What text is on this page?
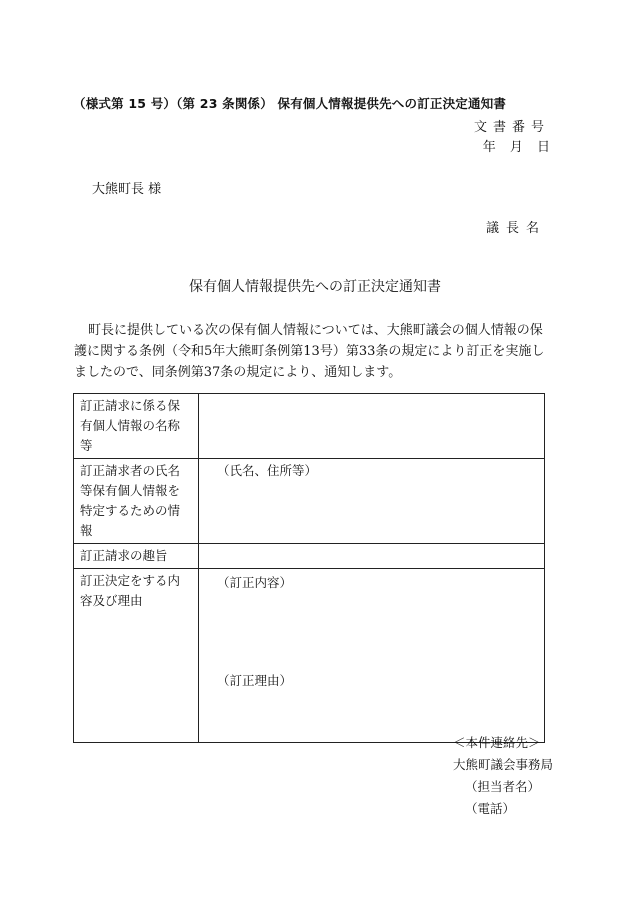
（様式第 15 号）（第 23 条関係） 保有個人情報提供先への訂正決定通知書
文書番号
年 月 日
大熊町長 様
議長名
保有個人情報提供先への訂正決定通知書
町長に提供している次の保有個人情報については、大熊町議会の個人情報の保護に関する条例（令和5年大熊町条例第13号）第33条の規定により訂正を実施しましたので、同条例第37条の規定により、通知します。
訂正請求に係る保有個人情報の名称等	
訂正請求者の氏名等保有個人情報を特定するための情報	（氏名、住所等）

訂正請求の趣旨	
訂正決定をする内容及び理由	（訂正内容）
（訂正理由）
＜本件連絡先＞
大熊町議会事務局
（担当者名）
（電話）
